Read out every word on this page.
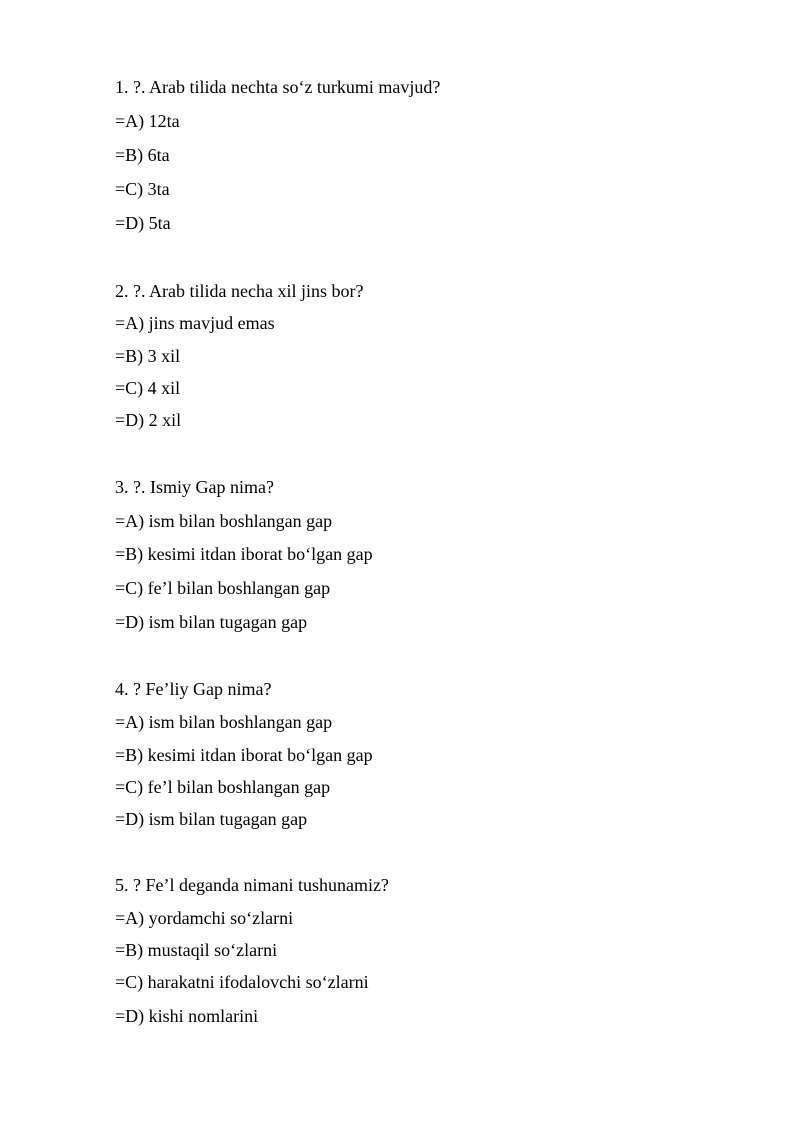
1. ?. Arab tilida nechta so‘z turkumi mavjud?
=A) 12ta
=B) 6ta
=C) 3ta
=D) 5ta
2. ?. Arab tilida necha xil jins bor?
=A) jins mavjud emas
=B) 3 xil
=C) 4 xil
=D) 2 xil
3. ?. Ismiy Gap nima?
=A) ism bilan boshlangan gap
=B) kesimi itdan iborat bo‘lgan gap
=C) fe’l bilan boshlangan gap
=D) ism bilan tugagan gap
4. ? Fe’liy Gap nima?
=A) ism bilan boshlangan gap
=B) kesimi itdan iborat bo‘lgan gap
=C) fe’l bilan boshlangan gap
=D) ism bilan tugagan gap
5. ? Fe’l deganda nimani tushunamiz?
=A) yordamchi so‘zlarni
=B) mustaqil so‘zlarni
=C) harakatni ifodalovchi so‘zlarni
=D) kishi nomlarini
